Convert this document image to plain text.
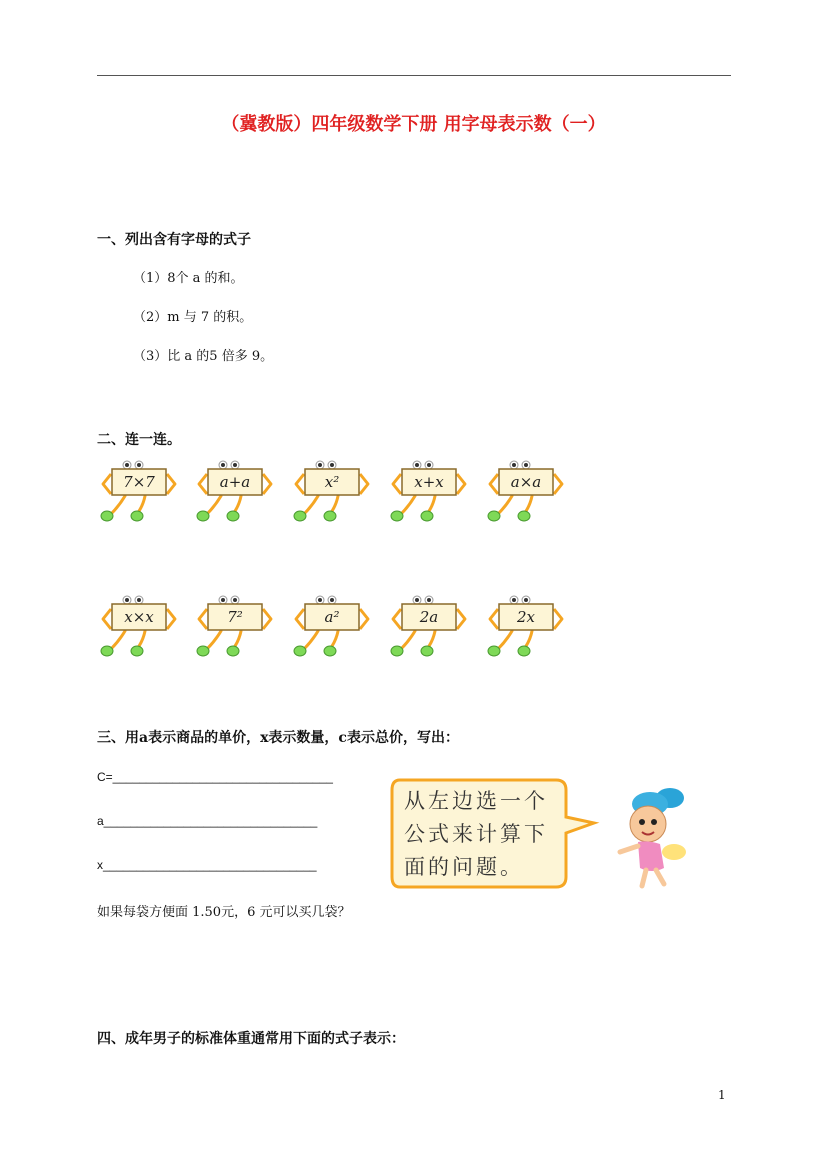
（冀教版）四年级数学下册 用字母表示数（一）
一、列出含有字母的式子
（1）8个 a 的和。
（2）m 与 7 的积。
（3）比 a 的5 倍多 9。
二、连一连。
7×7	a+a	x²	x+x	a×a
x×x	7²	a²	2a	2x
三、用a表示商品的单价，x表示数量，c表示总价，写出：
C=_________________________________
a________________________________
x________________________________
如果每袋方便面 1.50元，6 元可以买几袋？
从左边选一个
公式来计算下
面的问题。
四、成年男子的标准体重通常用下面的式子表示：
1
